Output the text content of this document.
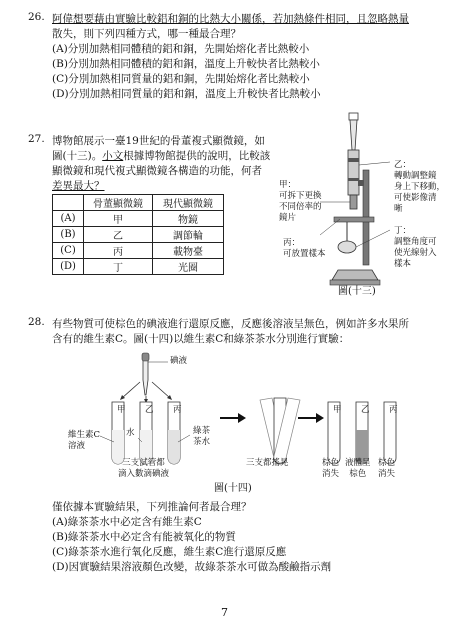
26. 阿偉想要藉由實驗比較鋁和銅的比熱大小關係，若加熱條件相同，且忽略熱量
散失，則下列四種方式，哪一種最合理？
(A)分別加熱相同體積的鋁和銅，先開始熔化者比熱較小
(B)分別加熱相同體積的鋁和銅，溫度上升較快者比熱較小
(C)分別加熱相同質量的鋁和銅，先開始熔化者比熱較小
(D)分別加熱相同質量的鋁和銅，溫度上升較快者比熱較小
27. 博物館展示一臺19世紀的骨董複式顯微鏡，如
圖(十三)。小文根據博物館提供的說明，比較該
顯微鏡和現代複式顯微鏡各構造的功能，何者
差異最大？
	骨董顯微鏡	現代顯微鏡
(A)	甲	物鏡
(B)	乙	調節輪
(C)	丙	載物臺
(D)	丁	光圈
甲：
可拆下更換
不同倍率的
鏡片
乙：
轉動調整鏡
身上下移動，
可使影像清
晰
丙：
可放置樣本
丁：
調整角度可
使光線射入
樣本
圖(十三)
28. 有些物質可使棕色的碘液進行還原反應，反應後溶液呈無色，例如許多水果所
含有的維生素C。圖(十四)以維生素C和綠茶茶水分別進行實驗：
碘液
甲 乙 丙
維生素C
溶液
水	綠茶
茶水
三支試管都
滴入數滴碘液
三支都搖晃
甲 乙 丙
棕色
消失
液體呈
棕色
棕色
消失
圖(十四)
僅依據本實驗結果，下列推論何者最合理？
(A)綠茶茶水中必定含有維生素C
(B)綠茶茶水中必定含有能被氧化的物質
(C)綠茶茶水進行氧化反應，維生素C進行還原反應
(D)因實驗結果溶液顏色改變，故綠茶茶水可做為酸鹼指示劑
7
